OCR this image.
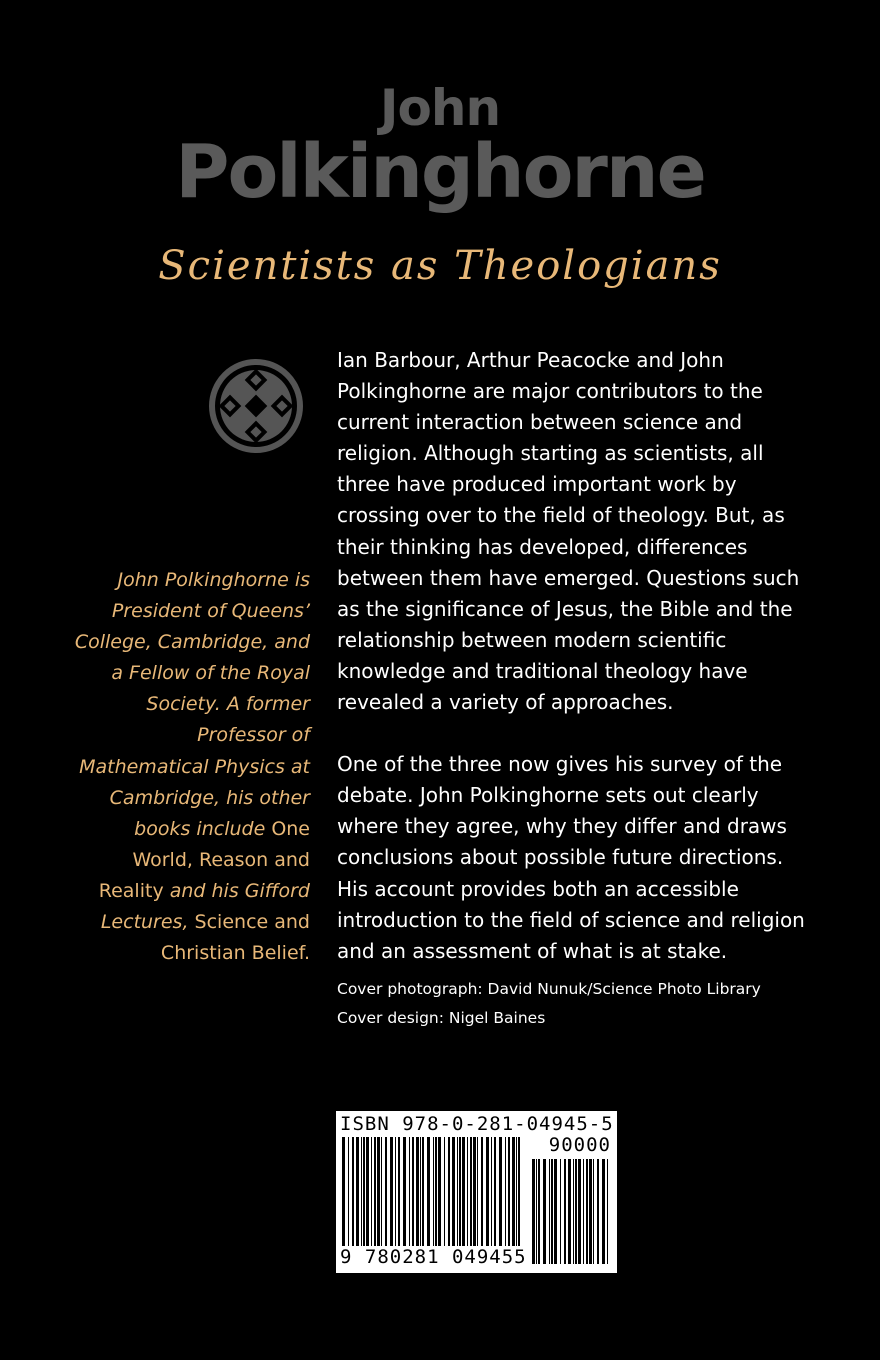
John
Polkinghorne
Scientists as Theologians
John Polkinghorne is President of Queens’ College, Cambridge, and a Fellow of the Royal Society. A former Professor of Mathematical Physics at Cambridge, his other books include One World, Reason and Reality and his Gifford Lectures, Science and Christian Belief.

Ian Barbour, Arthur Peacocke and John Polkinghorne are major contributors to the current interaction between science and religion. Although starting as scientists, all three have produced important work by crossing over to the field of theology. But, as their thinking has developed, differences between them have emerged. Questions such as the significance of Jesus, the Bible and the relationship between modern scientific knowledge and traditional theology have revealed a variety of approaches.

One of the three now gives his survey of the debate. John Polkinghorne sets out clearly where they agree, why they differ and draws conclusions about possible future directions. His account provides both an accessible introduction to the field of science and religion and an assessment of what is at stake.

Cover photograph: David Nunuk/Science Photo Library
Cover design: Nigel Baines
ISBN 978-0-281-04945-5
90000
9 780281 049455
